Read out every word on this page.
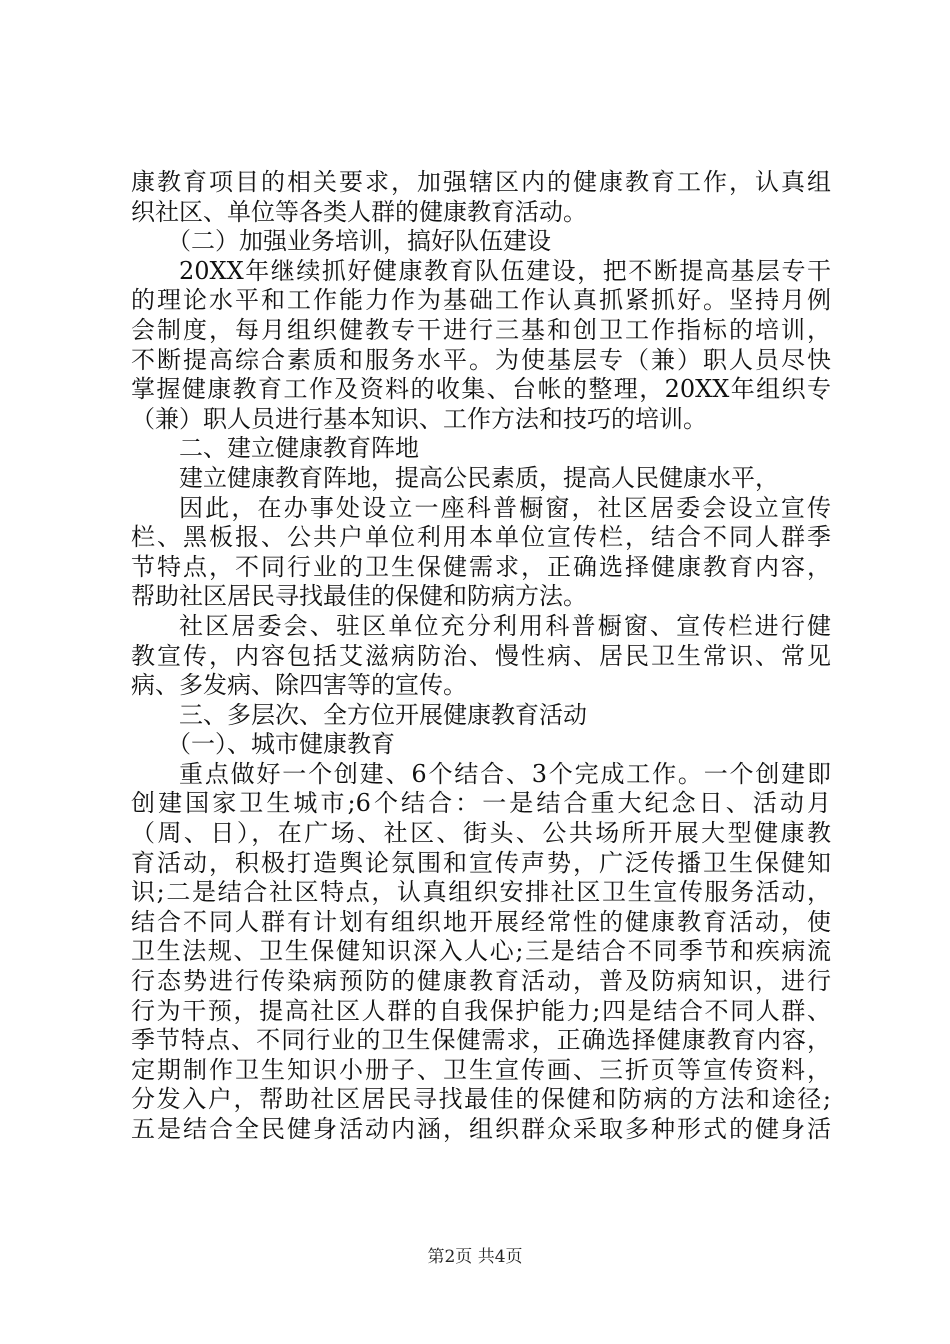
康教育项目的相关要求，加强辖区内的健康教育工作，认真组
织社区、单位等各类人群的健康教育活动。
（二）加强业务培训，搞好队伍建设
20XX年继续抓好健康教育队伍建设，把不断提高基层专干
的理论水平和工作能力作为基础工作认真抓紧抓好。坚持月例
会制度，每月组织健教专干进行三基和创卫工作指标的培训，
不断提高综合素质和服务水平。为使基层专（兼）职人员尽快
掌握健康教育工作及资料的收集、台帐的整理，20XX年组织专
（兼）职人员进行基本知识、工作方法和技巧的培训。
二、建立健康教育阵地
建立健康教育阵地，提高公民素质，提高人民健康水平，
因此，在办事处设立一座科普橱窗，社区居委会设立宣传
栏、黑板报、公共户单位利用本单位宣传栏，结合不同人群季
节特点，不同行业的卫生保健需求，正确选择健康教育内容，
帮助社区居民寻找最佳的保健和防病方法。
社区居委会、驻区单位充分利用科普橱窗、宣传栏进行健
教宣传，内容包括艾滋病防治、慢性病、居民卫生常识、常见
病、多发病、除四害等的宣传。
三、多层次、全方位开展健康教育活动
（一）、城市健康教育
重点做好一个创建、6个结合、3个完成工作。一个创建即
创建国家卫生城市;6个结合：一是结合重大纪念日、活动月
（周、日），在广场、社区、街头、公共场所开展大型健康教
育活动，积极打造舆论氛围和宣传声势，广泛传播卫生保健知
识;二是结合社区特点，认真组织安排社区卫生宣传服务活动，
结合不同人群有计划有组织地开展经常性的健康教育活动，使
卫生法规、卫生保健知识深入人心;三是结合不同季节和疾病流
行态势进行传染病预防的健康教育活动，普及防病知识，进行
行为干预，提高社区人群的自我保护能力;四是结合不同人群、
季节特点、不同行业的卫生保健需求，正确选择健康教育内容，
定期制作卫生知识小册子、卫生宣传画、三折页等宣传资料，
分发入户，帮助社区居民寻找最佳的保健和防病的方法和途径;
五是结合全民健身活动内涵，组织群众采取多种形式的健身活
第2页 共4页
